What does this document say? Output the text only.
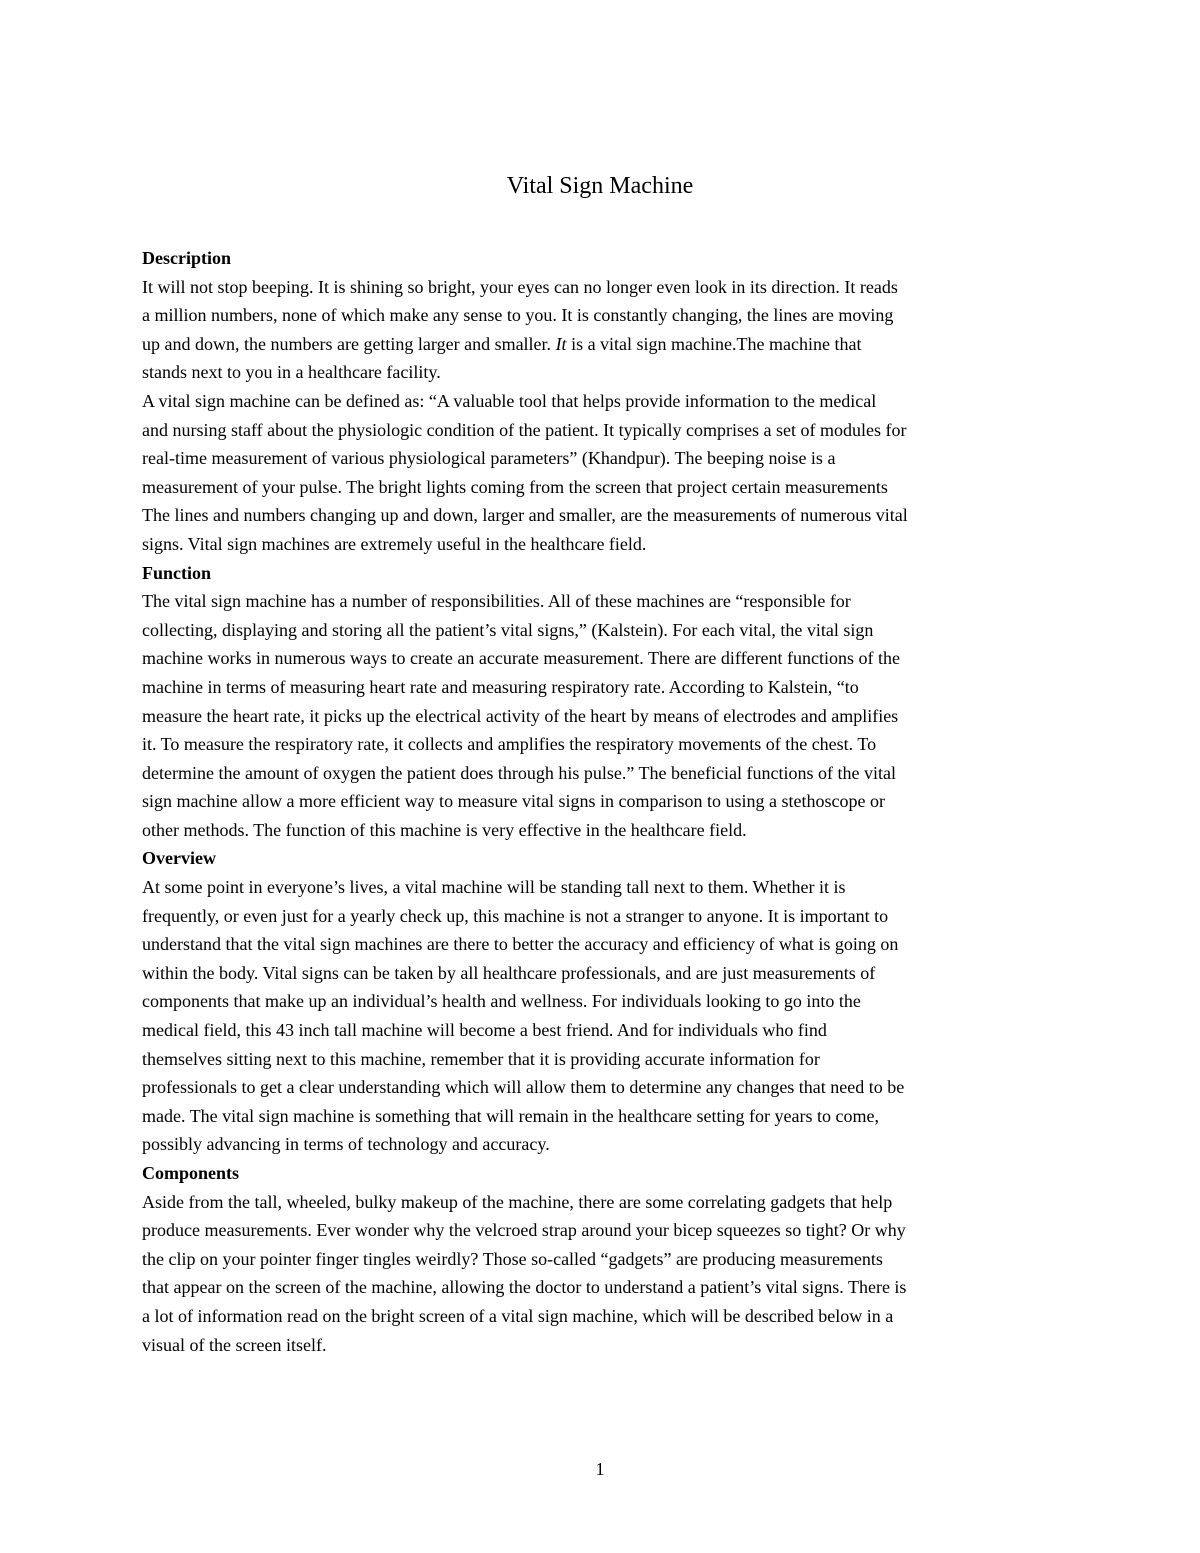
Vital Sign Machine
Description
It will not stop beeping. It is shining so bright, your eyes can no longer even look in its direction. It reads
a million numbers, none of which make any sense to you. It is constantly changing, the lines are moving
up and down, the numbers are getting larger and smaller. It is a vital sign machine.The machine that
stands next to you in a healthcare facility.
A vital sign machine can be defined as: “A valuable tool that helps provide information to the medical
and nursing staff about the physiologic condition of the patient. It typically comprises a set of modules for
real-time measurement of various physiological parameters” (Khandpur). The beeping noise is a
measurement of your pulse. The bright lights coming from the screen that project certain measurements
The lines and numbers changing up and down, larger and smaller, are the measurements of numerous vital
signs. Vital sign machines are extremely useful in the healthcare field.
Function
The vital sign machine has a number of responsibilities. All of these machines are “responsible for
collecting, displaying and storing all the patient’s vital signs,” (Kalstein). For each vital, the vital sign
machine works in numerous ways to create an accurate measurement. There are different functions of the
machine in terms of measuring heart rate and measuring respiratory rate. According to Kalstein, “to
measure the heart rate, it picks up the electrical activity of the heart by means of electrodes and amplifies
it. To measure the respiratory rate, it collects and amplifies the respiratory movements of the chest. To
determine the amount of oxygen the patient does through his pulse.” The beneficial functions of the vital
sign machine allow a more efficient way to measure vital signs in comparison to using a stethoscope or
other methods. The function of this machine is very effective in the healthcare field.
Overview
At some point in everyone’s lives, a vital machine will be standing tall next to them. Whether it is
frequently, or even just for a yearly check up, this machine is not a stranger to anyone. It is important to
understand that the vital sign machines are there to better the accuracy and efficiency of what is going on
within the body. Vital signs can be taken by all healthcare professionals, and are just measurements of
components that make up an individual’s health and wellness. For individuals looking to go into the
medical field, this 43 inch tall machine will become a best friend. And for individuals who find
themselves sitting next to this machine, remember that it is providing accurate information for
professionals to get a clear understanding which will allow them to determine any changes that need to be
made. The vital sign machine is something that will remain in the healthcare setting for years to come,
possibly advancing in terms of technology and accuracy.
Components
Aside from the tall, wheeled, bulky makeup of the machine, there are some correlating gadgets that help
produce measurements. Ever wonder why the velcroed strap around your bicep squeezes so tight? Or why
the clip on your pointer finger tingles weirdly? Those so-called “gadgets” are producing measurements
that appear on the screen of the machine, allowing the doctor to understand a patient’s vital signs. There is
a lot of information read on the bright screen of a vital sign machine, which will be described below in a
visual of the screen itself.
1
